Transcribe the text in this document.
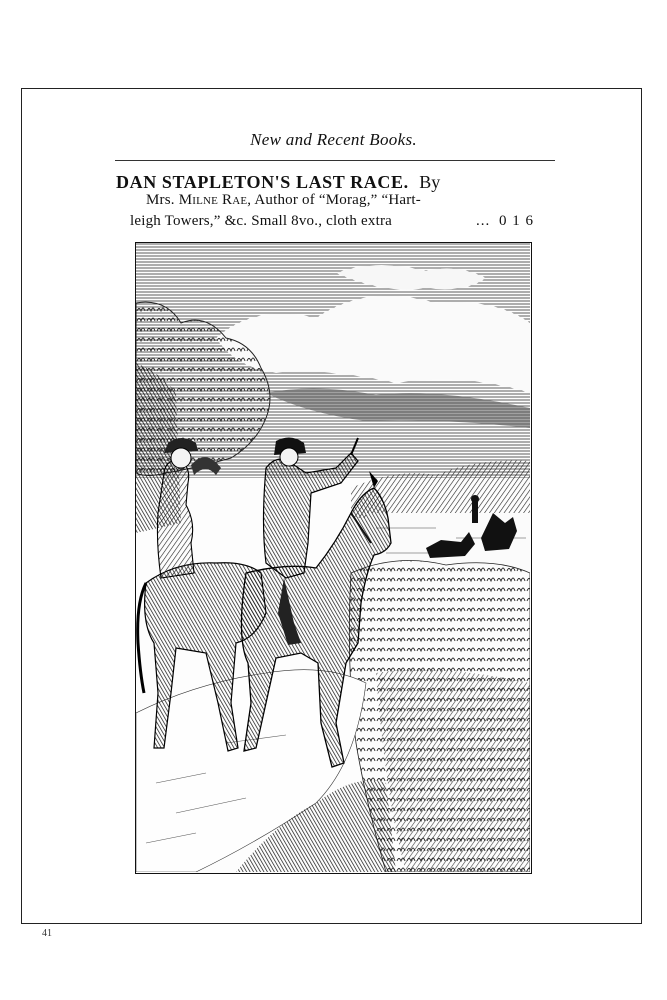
New and Recent Books.
DAN STAPLETON'S LAST RACE. By
Mrs. Milne Rae, Author of “Morag,” “Hart-
leigh Towers,” &c. Small 8vo., cloth extra	... 0 1 6
41
